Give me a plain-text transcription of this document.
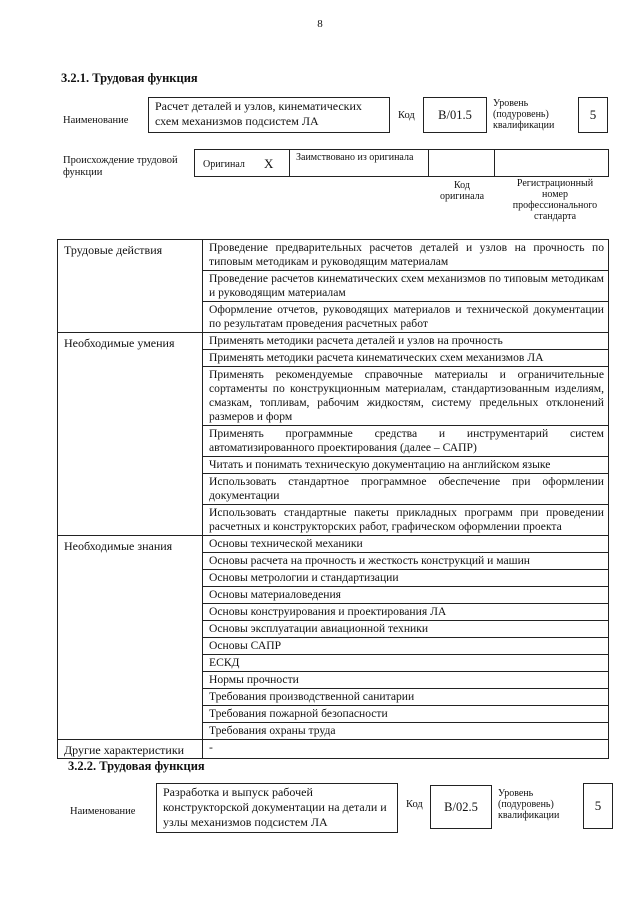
8
3.2.1. Трудовая функция
Наименование
Расчет деталей и узлов, кинематических схем механизмов подсистем ЛА	Код	В/01.5
Уровень (подуровень) квалификации
5
Происхождение трудовой функции
Оригинал Х Заимствовано из оригинала
Код оригинала
Регистрационный номер профессионального стандарта
Трудовые действия	Проведение предварительных расчетов деталей и узлов на прочность по типовым методикам и руководящим материалам
	Проведение расчетов кинематических схем механизмов по типовым методикам и руководящим материалам
	Оформление отчетов, руководящих материалов и технической документации по результатам проведения расчетных работ
Необходимые умения	Применять методики расчета деталей и узлов на прочность
	Применять методики расчета кинематических схем механизмов ЛА
	Применять рекомендуемые справочные материалы и ограничительные сортаменты по конструкционным материалам, стандартизованным изделиям, смазкам, топливам, рабочим жидкостям, систему предельных отклонений размеров и форм
	Применять программные средства и инструментарий систем автоматизированного проектирования (далее – САПР)
	Читать и понимать техническую документацию на английском языке
	Использовать стандартное программное обеспечение при оформлении документации
	Использовать стандартные пакеты прикладных программ при проведении расчетных и конструкторских работ, графическом оформлении проекта
Необходимые знания	Основы технической механики
	Основы расчета на прочность и жесткость конструкций и машин
	Основы метрологии и стандартизации
	Основы материаловедения
	Основы конструирования и проектирования ЛА
	Основы эксплуатации авиационной техники
	Основы САПР
	ЕСКД
	Нормы прочности
	Требования производственной санитарии
	Требования пожарной безопасности
	Требования охраны труда
Другие характеристики	-
3.2.2. Трудовая функция
Наименование
Разработка и выпуск рабочей конструкторской документации на детали и узлы механизмов подсистем ЛА
Код	В/02.5
Уровень (подуровень) квалификации
5
